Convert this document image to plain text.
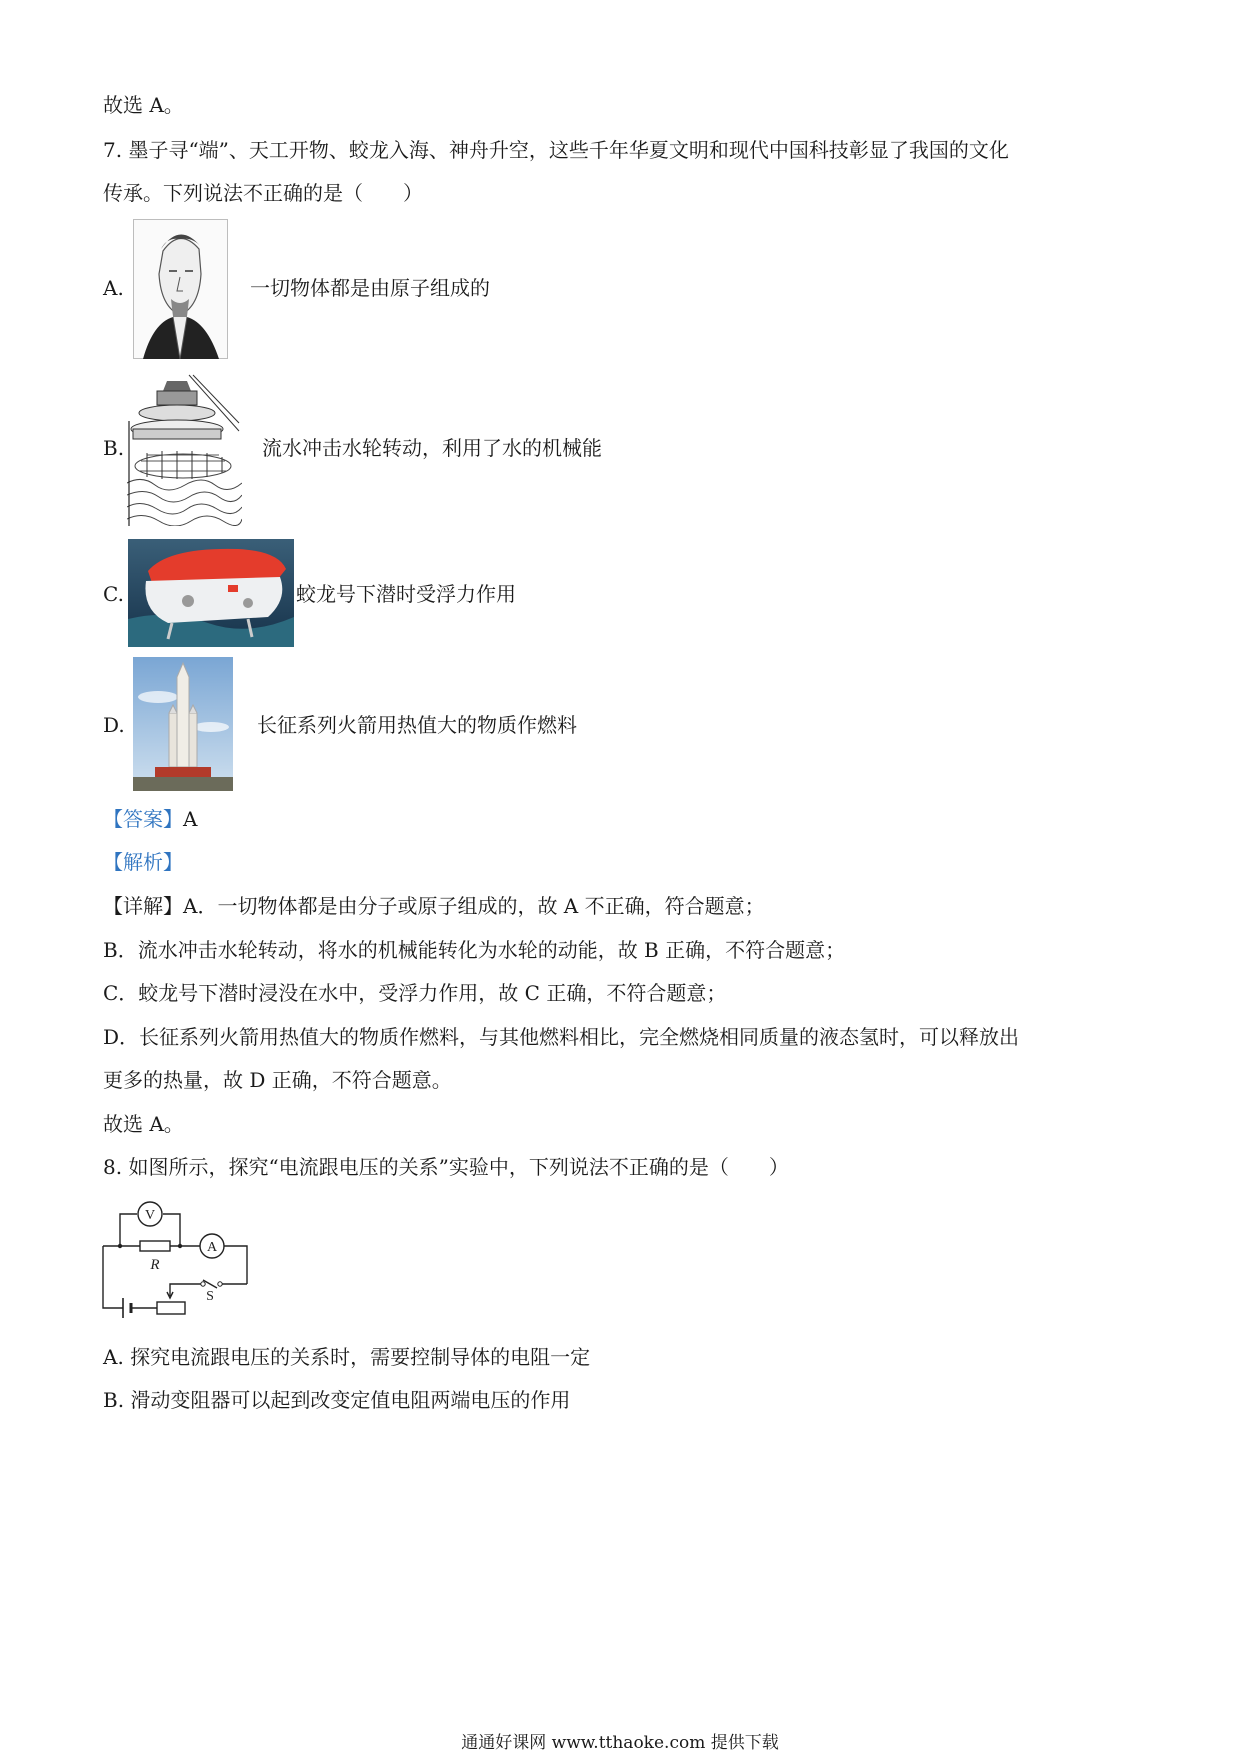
故选 A。
7. 墨子寻“端”、天工开物、蛟龙入海、神舟升空，这些千年华夏文明和现代中国科技彰显了我国的文化
传承。下列说法不正确的是（　　）
A.	一切物体都是由原子组成的
B.	流水冲击水轮转动，利用了水的机械能
C.	蛟龙号下潜时受浮力作用
D.	长征系列火箭用热值大的物质作燃料
【答案】A
【解析】
【详解】A．一切物体都是由分子或原子组成的，故 A 不正确，符合题意；
B．流水冲击水轮转动，将水的机械能转化为水轮的动能，故 B 正确，不符合题意；
C．蛟龙号下潜时浸没在水中，受浮力作用，故 C 正确，不符合题意；
D．长征系列火箭用热值大的物质作燃料，与其他燃料相比，完全燃烧相同质量的液态氢时，可以释放出
更多的热量，故 D 正确，不符合题意。
故选 A。
8. 如图所示，探究“电流跟电压的关系”实验中，下列说法不正确的是（　　）
V
R
A
S
A. 探究电流跟电压的关系时，需要控制导体的电阻一定
B. 滑动变阻器可以起到改变定值电阻两端电压的作用
通通好课网 www.tthaoke.com 提供下载
